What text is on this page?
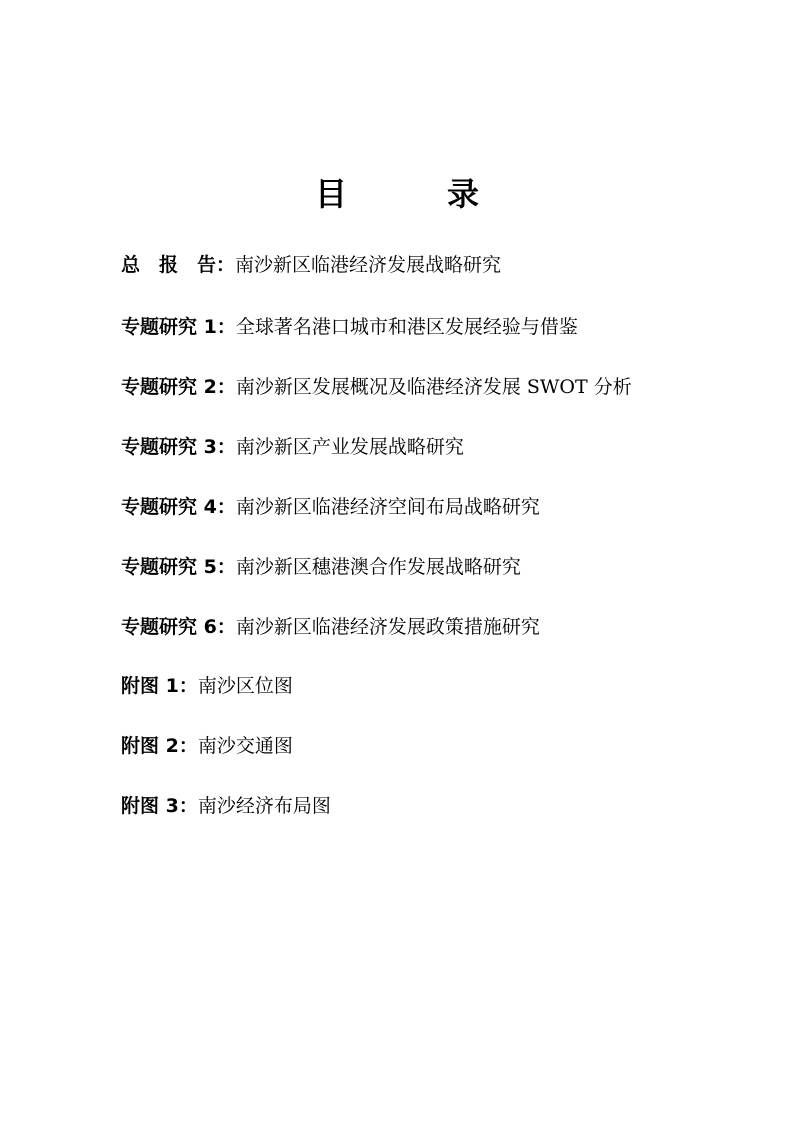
目　录
总　报　告：南沙新区临港经济发展战略研究
专题研究 1：全球著名港口城市和港区发展经验与借鉴
专题研究 2：南沙新区发展概况及临港经济发展 SWOT 分析
专题研究 3：南沙新区产业发展战略研究
专题研究 4：南沙新区临港经济空间布局战略研究
专题研究 5：南沙新区穗港澳合作发展战略研究
专题研究 6：南沙新区临港经济发展政策措施研究
附图 1：南沙区位图
附图 2：南沙交通图
附图 3：南沙经济布局图
